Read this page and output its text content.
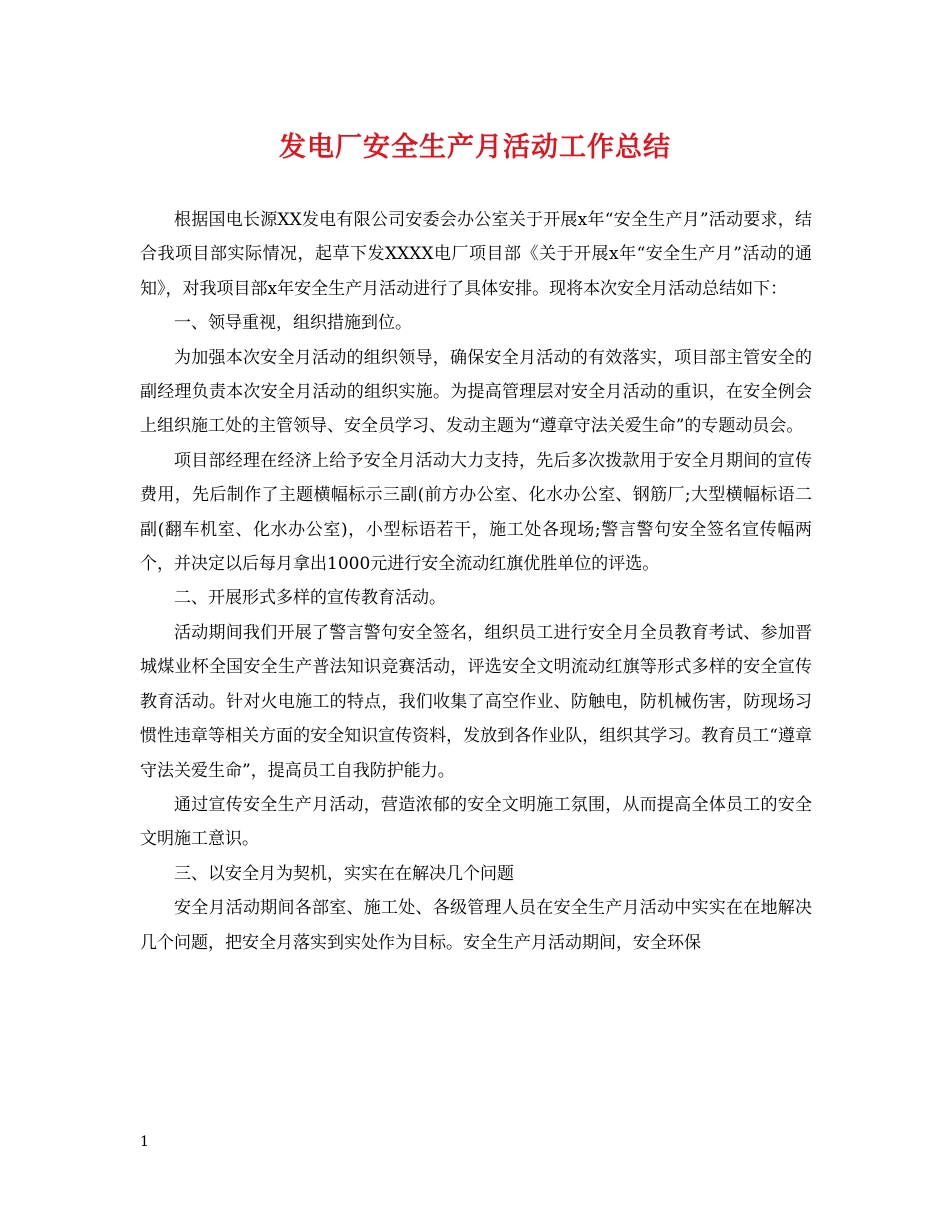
发电厂安全生产月活动工作总结

根据国电长源XX发电有限公司安委会办公室关于开展x年“安全生产月”活动要求，结合我项目部实际情况，起草下发XXXX电厂项目部《关于开展x年“安全生产月”活动的通知》，对我项目部x年安全生产月活动进行了具体安排。现将本次安全月活动总结如下：

一、领导重视，组织措施到位。

为加强本次安全月活动的组织领导，确保安全月活动的有效落实，项目部主管安全的副经理负责本次安全月活动的组织实施。为提高管理层对安全月活动的重识，在安全例会上组织施工处的主管领导、安全员学习、发动主题为“遵章守法关爱生命”的专题动员会。

项目部经理在经济上给予安全月活动大力支持，先后多次拨款用于安全月期间的宣传费用，先后制作了主题横幅标示三副(前方办公室、化水办公室、钢筋厂;大型横幅标语二副(翻车机室、化水办公室)，小型标语若干，施工处各现场;警言警句安全签名宣传幅两个，并决定以后每月拿出1000元进行安全流动红旗优胜单位的评选。

二、开展形式多样的宣传教育活动。

活动期间我们开展了警言警句安全签名，组织员工进行安全月全员教育考试、参加晋城煤业杯全国安全生产普法知识竞赛活动，评选安全文明流动红旗等形式多样的安全宣传教育活动。针对火电施工的特点，我们收集了高空作业、防触电，防机械伤害，防现场习惯性违章等相关方面的安全知识宣传资料，发放到各作业队，组织其学习。教育员工“遵章守法关爱生命”，提高员工自我防护能力。

通过宣传安全生产月活动，营造浓郁的安全文明施工氛围，从而提高全体员工的安全文明施工意识。

三、以安全月为契机，实实在在解决几个问题

安全月活动期间各部室、施工处、各级管理人员在安全生产月活动中实实在在地解决几个问题，把安全月落实到实处作为目标。安全生产月活动期间，安全环保

1
